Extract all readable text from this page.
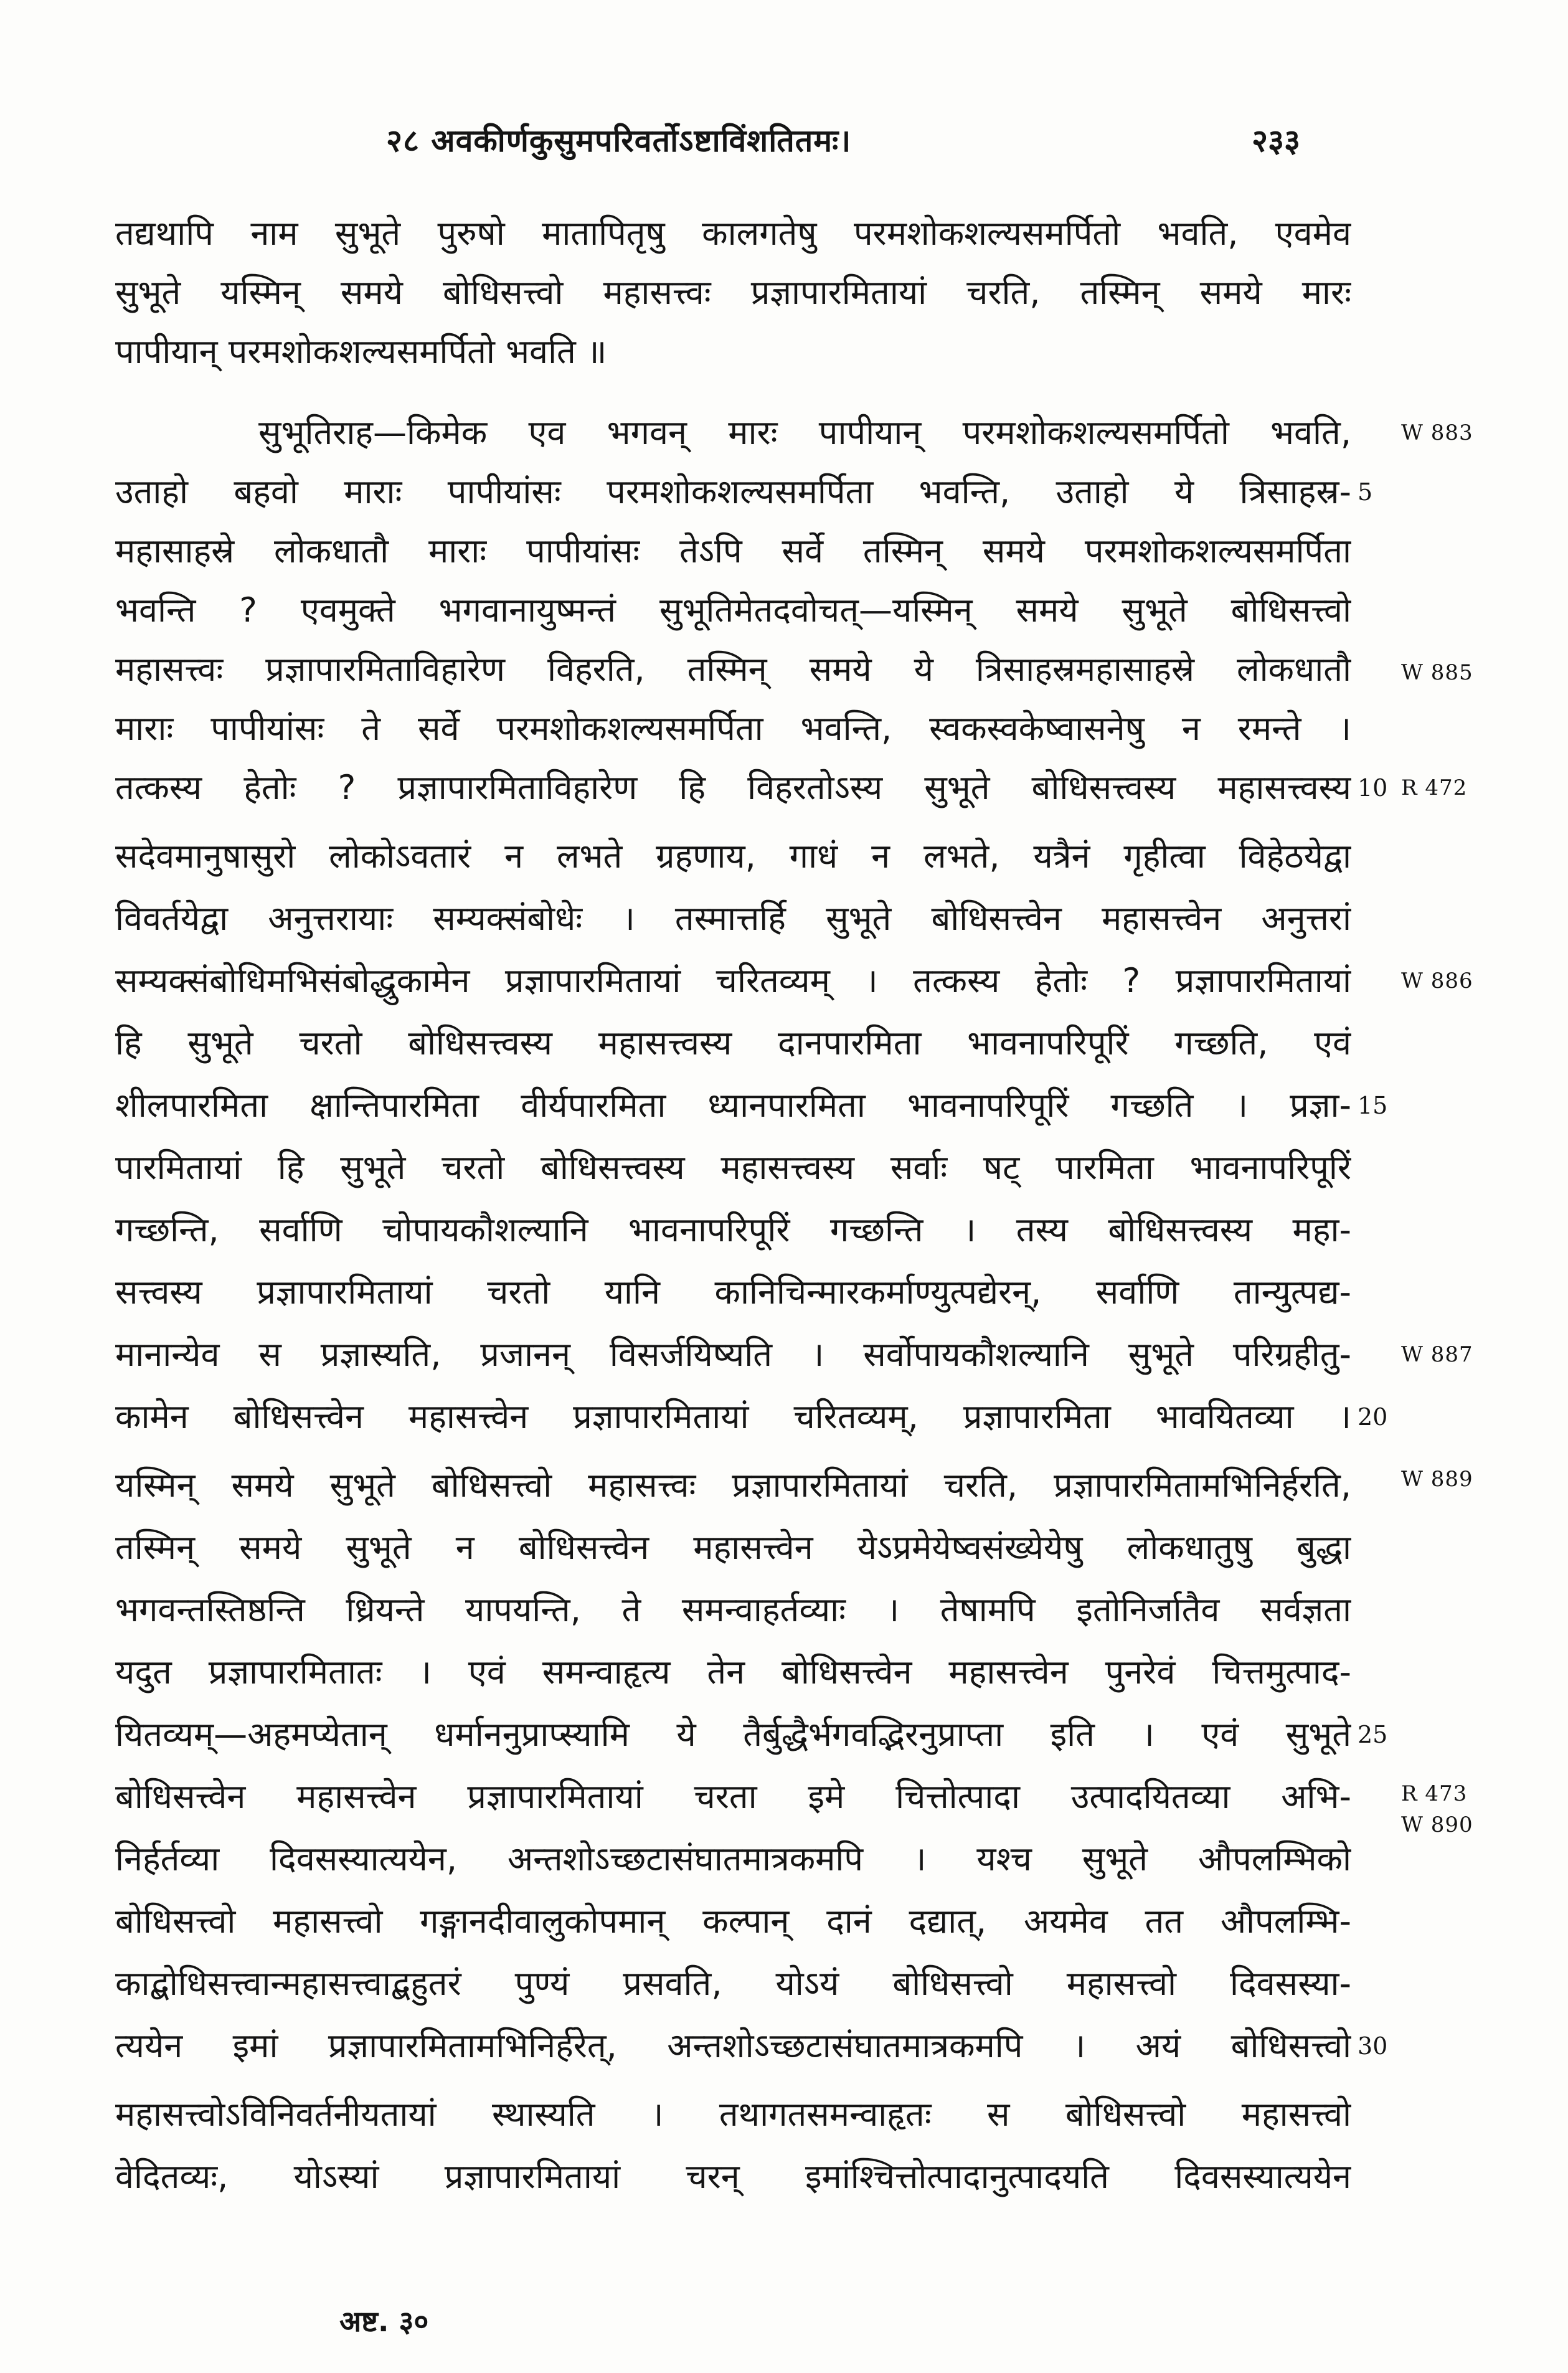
२८ अवकीर्णकुसुमपरिवर्तोऽष्टाविंशतितमः।	२३३
तद्यथापि नाम सुभूते पुरुषो मातापितृषु कालगतेषु परमशोकशल्यसमर्पितो भवति, एवमेव
सुभूते यस्मिन् समये बोधिसत्त्वो महासत्त्वः प्रज्ञापारमितायां चरति, तस्मिन् समये मारः
पापीयान् परमशोकशल्यसमर्पितो भवति ॥
सुभूतिराह—किमेक एव भगवन् मारः पापीयान् परमशोकशल्यसमर्पितो भवति,
उताहो बहवो माराः पापीयांसः परमशोकशल्यसमर्पिता भवन्ति, उताहो ये त्रिसाहस्र-
महासाहस्रे लोकधातौ माराः पापीयांसः तेऽपि सर्वे तस्मिन् समये परमशोकशल्यसमर्पिता
भवन्ति ? एवमुक्ते भगवानायुष्मन्तं सुभूतिमेतदवोचत्—यस्मिन् समये सुभूते बोधिसत्त्वो
महासत्त्वः प्रज्ञापारमिताविहारेण विहरति, तस्मिन् समये ये त्रिसाहस्रमहासाहस्रे लोकधातौ
माराः पापीयांसः ते सर्वे परमशोकशल्यसमर्पिता भवन्ति, स्वकस्वकेष्वासनेषु न रमन्ते ।
तत्कस्य हेतोः ? प्रज्ञापारमिताविहारेण हि विहरतोऽस्य सुभूते बोधिसत्त्वस्य महासत्त्वस्य
सदेवमानुषासुरो लोकोऽवतारं न लभते ग्रहणाय, गाधं न लभते, यत्रैनं गृहीत्वा विहेठयेद्वा
विवर्तयेद्वा अनुत्तरायाः सम्यक्संबोधेः । तस्मात्तर्हि सुभूते बोधिसत्त्वेन महासत्त्वेन अनुत्तरां
सम्यक्संबोधिमभिसंबोद्धुकामेन प्रज्ञापारमितायां चरितव्यम् । तत्कस्य हेतोः ? प्रज्ञापारमितायां
हि सुभूते चरतो बोधिसत्त्वस्य महासत्त्वस्य दानपारमिता भावनापरिपूरिं गच्छति, एवं
शीलपारमिता क्षान्तिपारमिता वीर्यपारमिता ध्यानपारमिता भावनापरिपूरिं गच्छति । प्रज्ञा-
पारमितायां हि सुभूते चरतो बोधिसत्त्वस्य महासत्त्वस्य सर्वाः षट् पारमिता भावनापरिपूरिं
गच्छन्ति, सर्वाणि चोपायकौशल्यानि भावनापरिपूरिं गच्छन्ति । तस्य बोधिसत्त्वस्य महा-
सत्त्वस्य प्रज्ञापारमितायां चरतो यानि कानिचिन्मारकर्माण्युत्पद्येरन्, सर्वाणि तान्युत्पद्य-
मानान्येव स प्रज्ञास्यति, प्रजानन् विसर्जयिष्यति । सर्वोपायकौशल्यानि सुभूते परिग्रहीतु-
कामेन बोधिसत्त्वेन महासत्त्वेन प्रज्ञापारमितायां चरितव्यम्, प्रज्ञापारमिता भावयितव्या ।
यस्मिन् समये सुभूते बोधिसत्त्वो महासत्त्वः प्रज्ञापारमितायां चरति, प्रज्ञापारमितामभिनिर्हरति,
तस्मिन् समये सुभूते न बोधिसत्त्वेन महासत्त्वेन येऽप्रमेयेष्वसंख्येयेषु लोकधातुषु बुद्धा
भगवन्तस्तिष्ठन्ति ध्रियन्ते यापयन्ति, ते समन्वाहर्तव्याः । तेषामपि इतोनिर्जातैव सर्वज्ञता
यदुत प्रज्ञापारमितातः । एवं समन्वाहृत्य तेन बोधिसत्त्वेन महासत्त्वेन पुनरेवं चित्तमुत्पाद-
यितव्यम्—अहमप्येतान् धर्माननुप्राप्स्यामि ये तैर्बुद्धैर्भगवद्भिरनुप्राप्ता इति । एवं सुभूते
बोधिसत्त्वेन महासत्त्वेन प्रज्ञापारमितायां चरता इमे चित्तोत्पादा उत्पादयितव्या अभि-
निर्हर्तव्या दिवसस्यात्ययेन, अन्तशोऽच्छटासंघातमात्रकमपि । यश्च सुभूते औपलम्भिको
बोधिसत्त्वो महासत्त्वो गङ्गानदीवालुकोपमान् कल्पान् दानं दद्यात्, अयमेव तत औपलम्भि-
काद्बोधिसत्त्वान्महासत्त्वाद्बहुतरं पुण्यं प्रसवति, योऽयं बोधिसत्त्वो महासत्त्वो दिवसस्या-
त्ययेन इमां प्रज्ञापारमितामभिनिर्हरेत्, अन्तशोऽच्छटासंघातमात्रकमपि । अयं बोधिसत्त्वो
महासत्त्वोऽविनिवर्तनीयतायां स्थास्यति । तथागतसमन्वाहृतः स बोधिसत्त्वो महासत्त्वो
वेदितव्यः, योऽस्यां प्रज्ञापारमितायां चरन् इमांश्चित्तोत्पादानुत्पादयति दिवसस्यात्ययेन
5
10
15
20
25
30
W 883
W 885
R 472
W 886
W 887
W 889
R 473
W 890
अष्ट. ३०
